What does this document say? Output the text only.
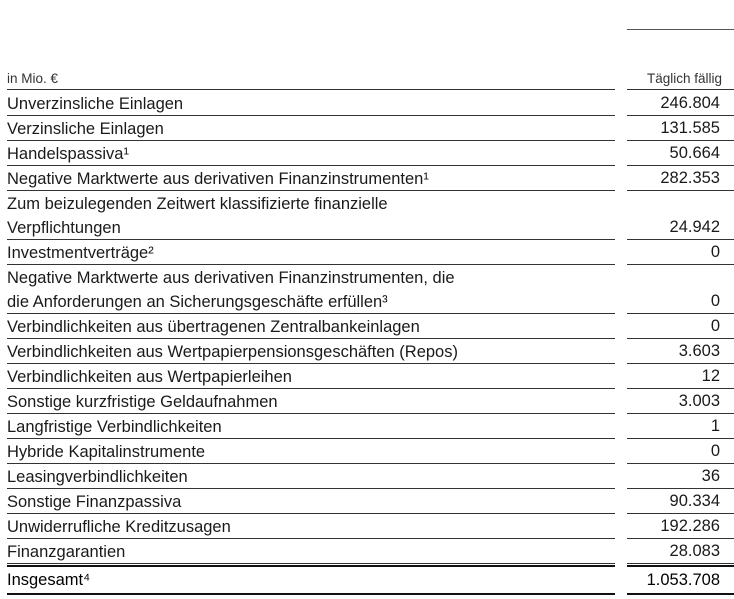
in Mio. €	Täglich fällig
Unverzinsliche Einlagen	246.804
Verzinsliche Einlagen	131.585
Handelspassiva¹	50.664
Negative Marktwerte aus derivativen Finanzinstrumenten¹	282.353
Zum beizulegenden Zeitwert klassifizierte finanzielle
Verpflichtungen	24.942
Investmentverträge²	0
Negative Marktwerte aus derivativen Finanzinstrumenten, die
die Anforderungen an Sicherungsgeschäfte erfüllen³	0
Verbindlichkeiten aus übertragenen Zentralbankeinlagen	0
Verbindlichkeiten aus Wertpapierpensionsgeschäften (Repos)	3.603
Verbindlichkeiten aus Wertpapierleihen	12
Sonstige kurzfristige Geldaufnahmen	3.003
Langfristige Verbindlichkeiten	1
Hybride Kapitalinstrumente	0
Leasingverbindlichkeiten	36
Sonstige Finanzpassiva	90.334
Unwiderrufliche Kreditzusagen	192.286
Finanzgarantien	28.083
Insgesamt⁴	1.053.708
